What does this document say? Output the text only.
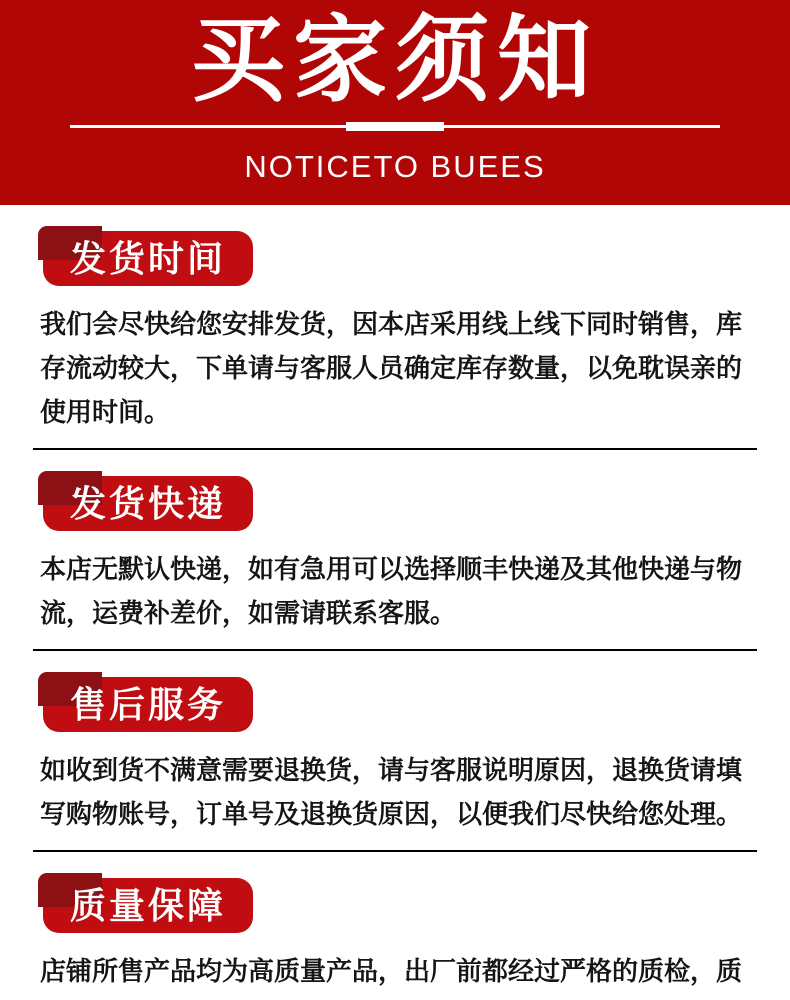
买家须知
NOTICETO BUEES
发货时间
我们会尽快给您安排发货，因本店采用线上线下同时销售，库存流动较大，下单请与客服人员确定库存数量，以免耽误亲的使用时间。
发货快递
本店无默认快递，如有急用可以选择顺丰快递及其他快递与物流，运费补差价，如需请联系客服。
售后服务
如收到货不满意需要退换货，请与客服说明原因，退换货请填写购物账号，订单号及退换货原因，以便我们尽快给您处理。
质量保障
店铺所售产品均为高质量产品，出厂前都经过严格的质检，质
